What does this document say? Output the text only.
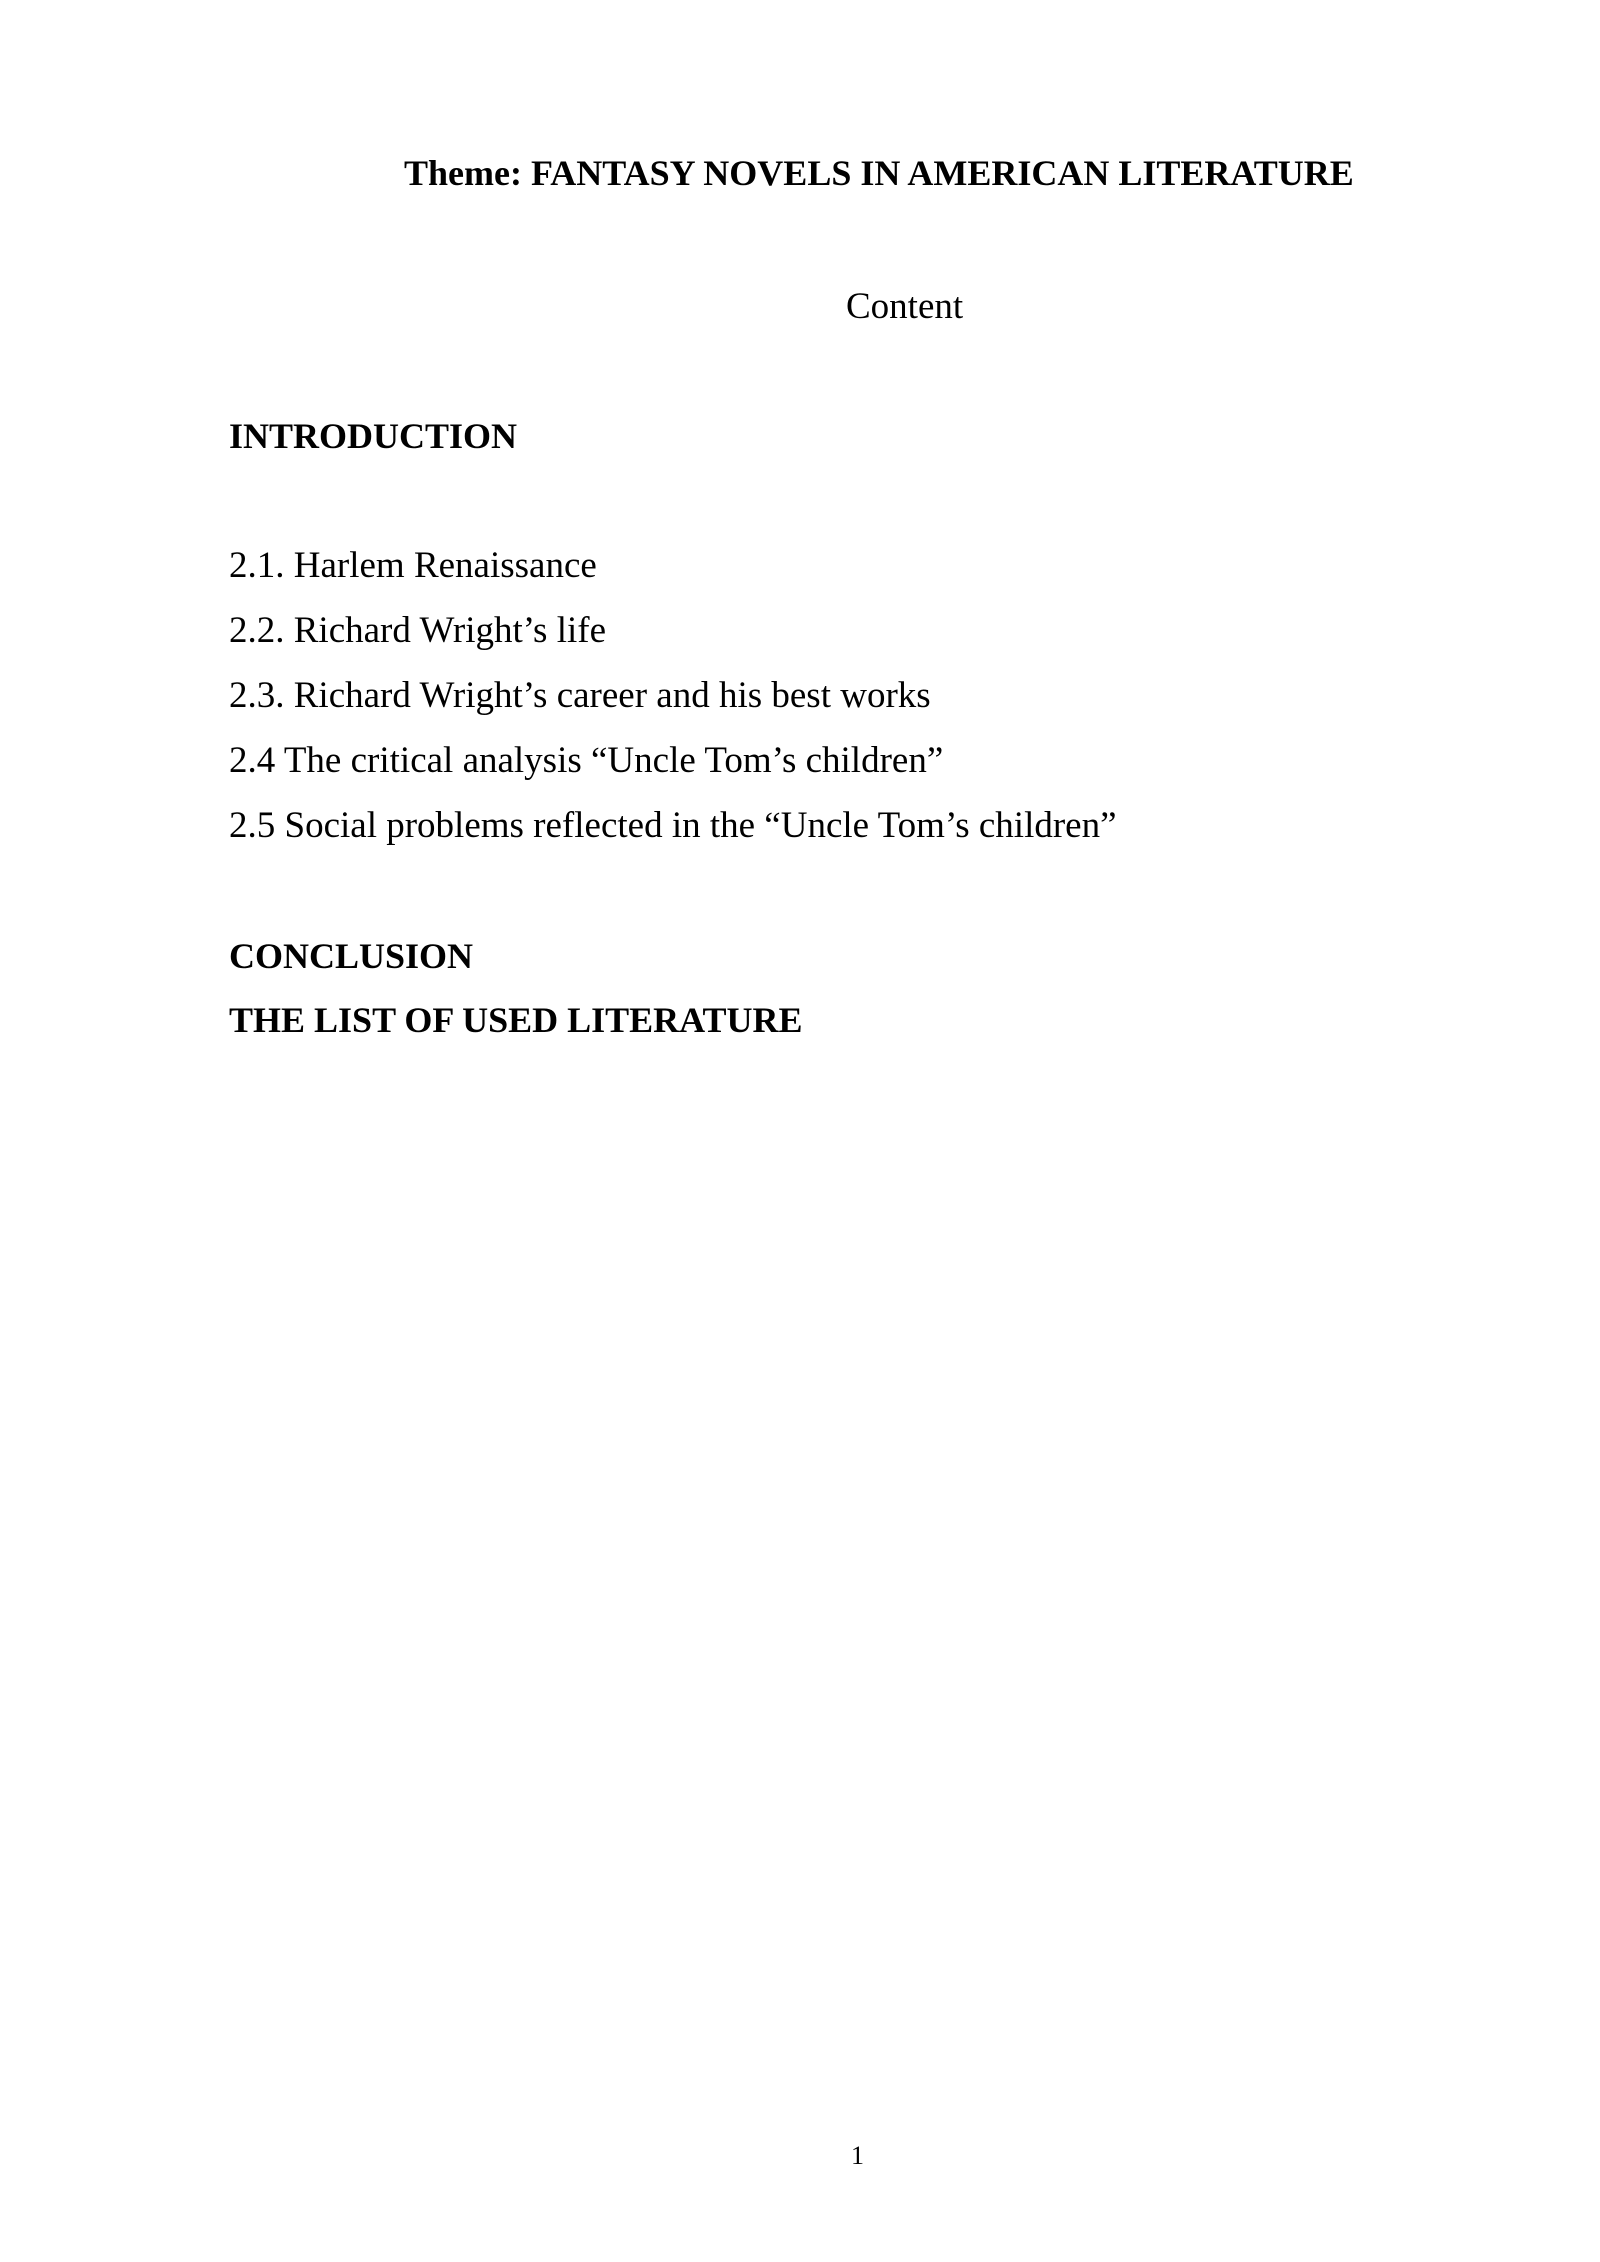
Theme: FANTASY NOVELS IN AMERICAN LITERATURE
Content
INTRODUCTION
2.1. Harlem Renaissance
2.2. Richard Wright’s life
2.3. Richard Wright’s career and his best works
2.4 The critical analysis “Uncle Tom’s children”
2.5 Social problems reflected in the “Uncle Tom’s children”
CONCLUSION
THE LIST OF USED LITERATURE
1
